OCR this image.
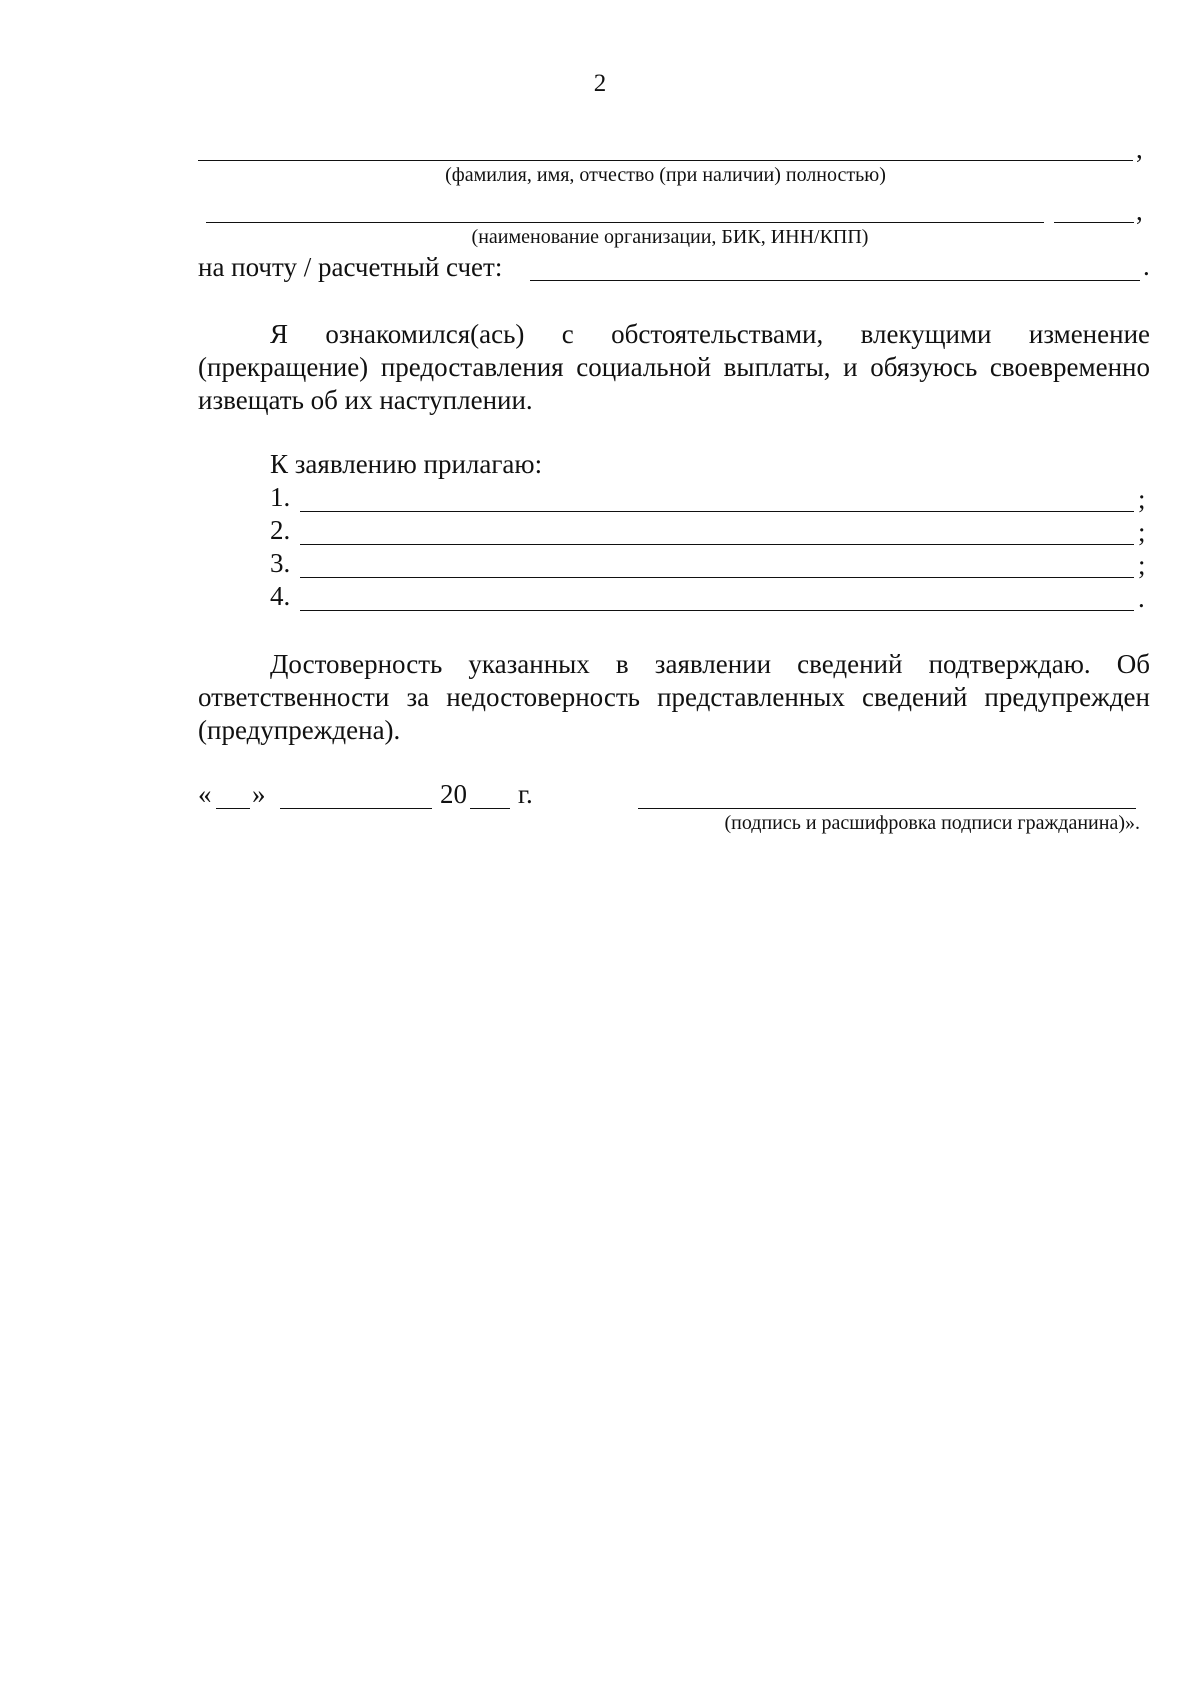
2
,
(фамилия, имя, отчество (при наличии) полностью)
,
(наименование организации, БИК, ИНН/КПП)
на почту / расчетный счет:	.
Я ознакомился(ась) с обстоятельствами, влекущими изменение (прекращение) предоставления социальной выплаты, и обязуюсь своевременно извещать об их наступлении.
К заявлению прилагаю:
1.	;
2.	;
3.	;
4.	.
Достоверность указанных в заявлении сведений подтверждаю. Об ответственности за недостоверность представленных сведений предупрежден (предупреждена).
« »	20 г.
(подпись и расшифровка подписи гражданина)».
